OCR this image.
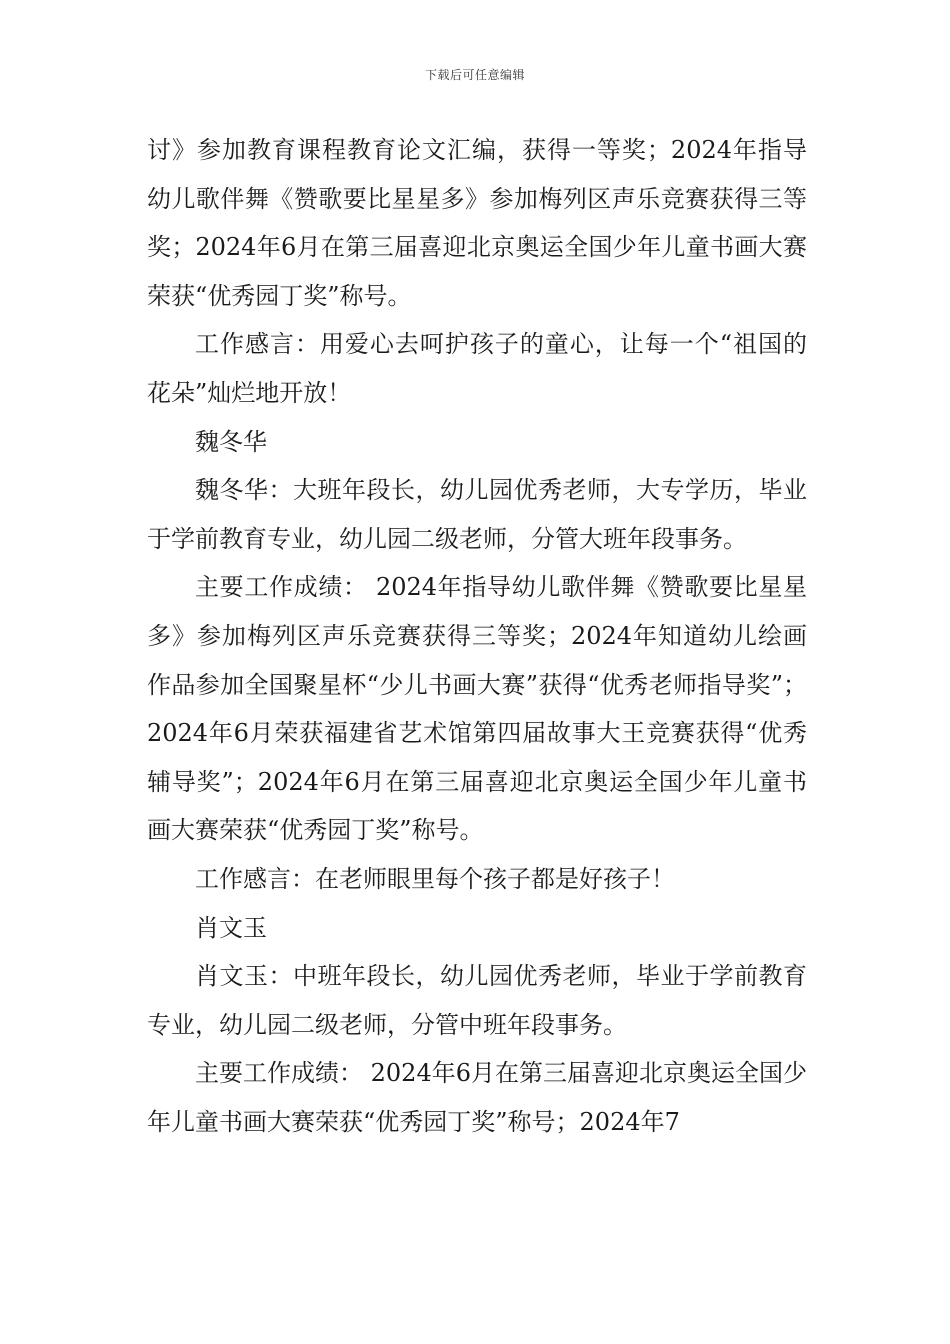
下载后可任意编辑

讨》参加教育课程教育论文汇编，获得一等奖；2024年指导幼儿歌伴舞《赞歌要比星星多》参加梅列区声乐竞赛获得三等奖；2024年6月在第三届喜迎北京奥运全国少年儿童书画大赛荣获“优秀园丁奖”称号。

工作感言：用爱心去呵护孩子的童心，让每一个“祖国的花朵”灿烂地开放！

魏冬华

魏冬华：大班年段长，幼儿园优秀老师，大专学历，毕业于学前教育专业，幼儿园二级老师，分管大班年段事务。

主要工作成绩： 2024年指导幼儿歌伴舞《赞歌要比星星多》参加梅列区声乐竞赛获得三等奖；2024年知道幼儿绘画作品参加全国聚星杯“少儿书画大赛”获得“优秀老师指导奖”；2024年6月荣获福建省艺术馆第四届故事大王竞赛获得“优秀辅导奖”；2024年6月在第三届喜迎北京奥运全国少年儿童书画大赛荣获“优秀园丁奖”称号。

工作感言：在老师眼里每个孩子都是好孩子！

肖文玉

肖文玉：中班年段长，幼儿园优秀老师，毕业于学前教育专业，幼儿园二级老师，分管中班年段事务。

主要工作成绩： 2024年6月在第三届喜迎北京奥运全国少年儿童书画大赛荣获“优秀园丁奖”称号；2024年7
